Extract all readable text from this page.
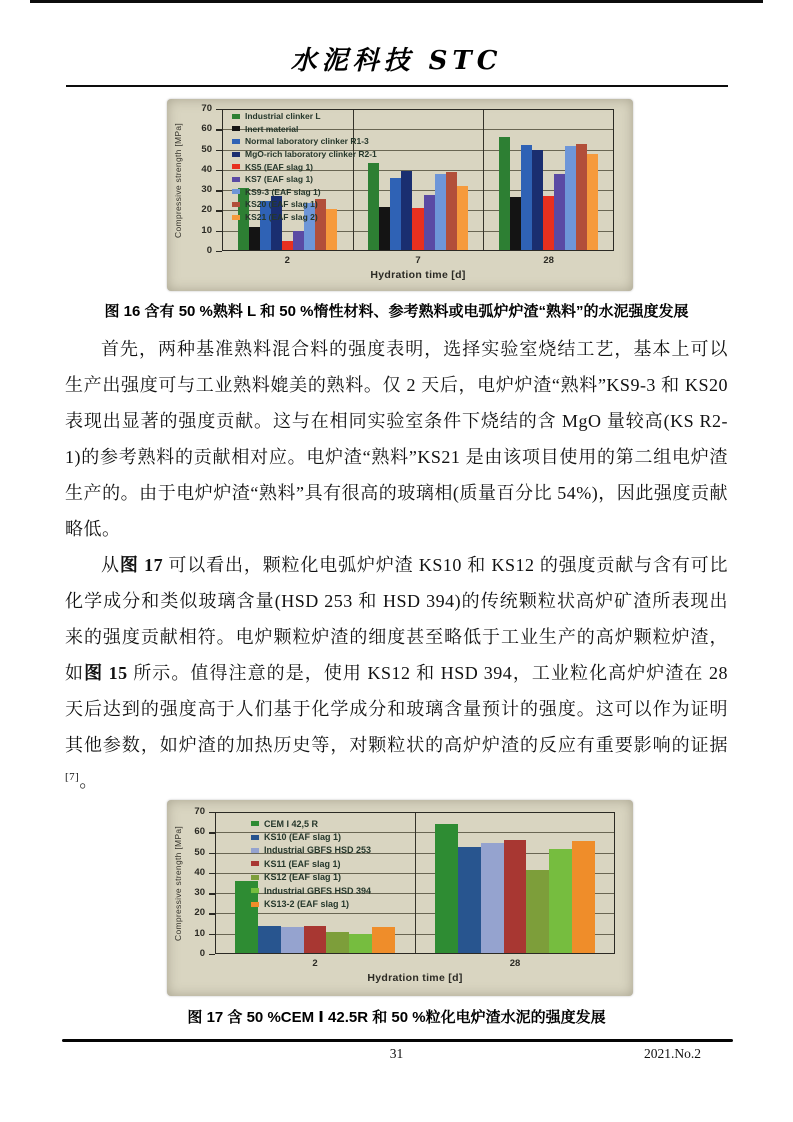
水泥科技 STC
Compressive strength [MPa]
0
10
20
30
40
50
60
70
2	7	28
Hydration time [d]
Industrial clinker L
Inert material
Normal laboratory clinker R1-3
MgO-rich laboratory clinker R2-1
KS5 (EAF slag 1)
KS7 (EAF slag 1)
KS9-3 (EAF slag 1)
KS20 (EAF slag 1)
KS21 (EAF slag 2)
图 16 含有 50 %熟料 L 和 50 %惰性材料、参考熟料或电弧炉炉渣“熟料”的水泥强度发展

首先，两种基准熟料混合料的强度表明，选择实验室烧结工艺，基本上可以生产出强度可与工业熟料媲美的熟料。仅 2 天后，电炉炉渣“熟料”KS9-3 和 KS20 表现出显著的强度贡献。这与在相同实验室条件下烧结的含 MgO 量较高(KS R2-1)的参考熟料的贡献相对应。电炉渣“熟料”KS21 是由该项目使用的第二组电炉渣生产的。由于电炉炉渣“熟料”具有很高的玻璃相(质量百分比 54%)，因此强度贡献略低。

从图 17 可以看出，颗粒化电弧炉炉渣 KS10 和 KS12 的强度贡献与含有可比化学成分和类似玻璃含量(HSD 253 和 HSD 394)的传统颗粒状高炉矿渣所表现出来的强度贡献相符。电炉颗粒炉渣的细度甚至略低于工业生产的高炉颗粒炉渣，如图 15 所示。值得注意的是，使用 KS12 和 HSD 394，工业粒化高炉炉渣在 28 天后达到的强度高于人们基于化学成分和玻璃含量预计的强度。这可以作为证明其他参数，如炉渣的加热历史等，对颗粒状的高炉炉渣的反应有重要影响的证据[7]。

Compressive strength [MPa]
0
10
20
30
40
50
60
70
2	28
Hydration time [d]
CEM I 42,5 R
KS10 (EAF slag 1)
Industrial GBFS HSD 253
KS11 (EAF slag 1)
KS12 (EAF slag 1)
Industrial GBFS HSD 394
KS13-2 (EAF slag 1)
图 17 含 50 %CEM Ⅰ 42.5R 和 50 %粒化电炉渣水泥的强度发展
31	2021.No.2
